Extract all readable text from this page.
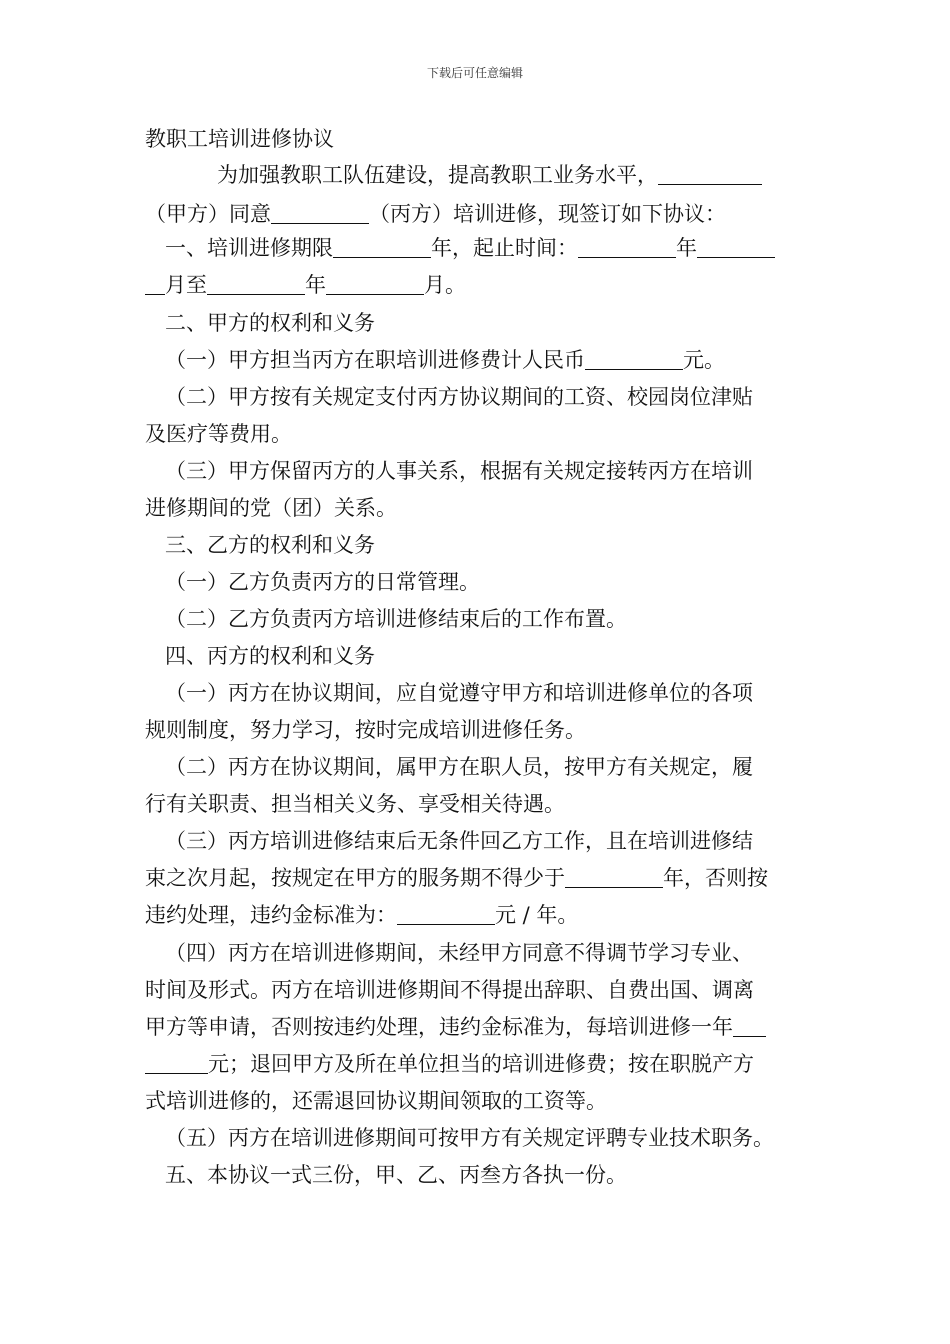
下载后可任意编辑
教职工培训进修协议
为加强教职工队伍建设，提高教职工业务水平，
（甲方）同意	（丙方）培训进修，现签订如下协议：
一、培训进修期限	年，起止时间：	年
月至	年	月。
二、甲方的权利和义务
（一）甲方担当丙方在职培训进修费计人民币	元。
（二）甲方按有关规定支付丙方协议期间的工资、校园岗位津贴
及医疗等费用。
（三）甲方保留丙方的人事关系，根据有关规定接转丙方在培训
进修期间的党（团）关系。
三、乙方的权利和义务
（一）乙方负责丙方的日常管理。
（二）乙方负责丙方培训进修结束后的工作布置。
四、丙方的权利和义务
（一）丙方在协议期间，应自觉遵守甲方和培训进修单位的各项
规则制度，努力学习，按时完成培训进修任务。
（二）丙方在协议期间，属甲方在职人员，按甲方有关规定，履
行有关职责、担当相关义务、享受相关待遇。
（三）丙方培训进修结束后无条件回乙方工作，且在培训进修结
束之次月起，按规定在甲方的服务期不得少于	年，否则按
违约处理，违约金标准为：	元 / 年。
（四）丙方在培训进修期间，未经甲方同意不得调节学习专业、
时间及形式。丙方在培训进修期间不得提出辞职、自费出国、调离
甲方等申请，否则按违约处理，违约金标准为，每培训进修一年
元；退回甲方及所在单位担当的培训进修费；按在职脱产方
式培训进修的，还需退回协议期间领取的工资等。
（五）丙方在培训进修期间可按甲方有关规定评聘专业技术职务。
五、本协议一式三份，甲、乙、丙叁方各执一份。
